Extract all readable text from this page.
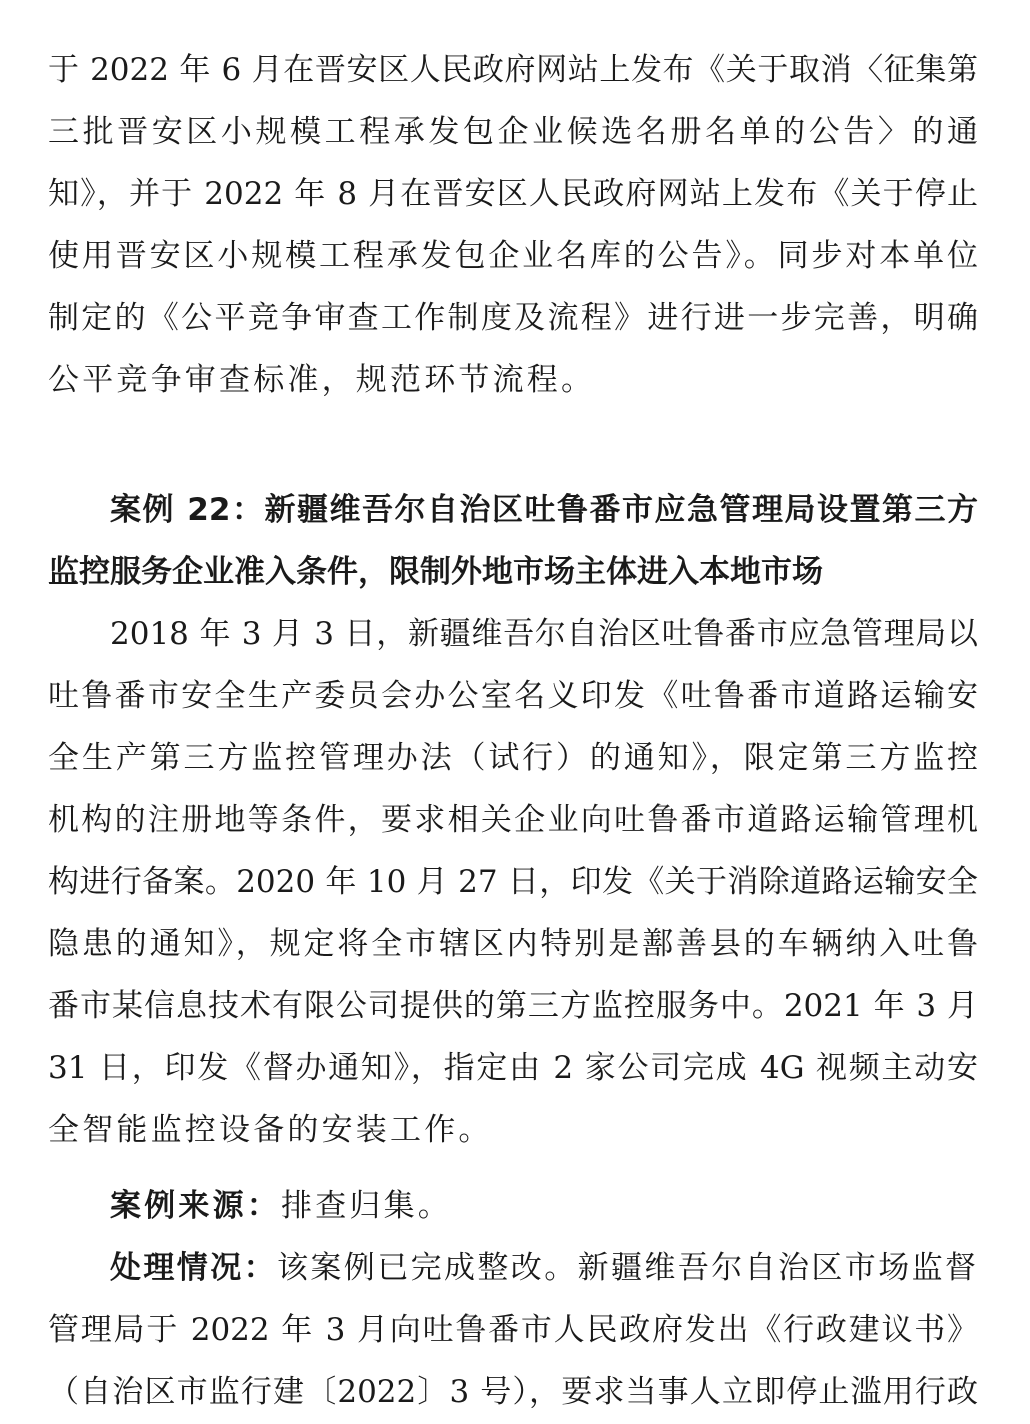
于 2022 年 6 月在晋安区人民政府网站上发布《关于取消〈征集第
三批晋安区小规模工程承发包企业候选名册名单的公告〉的通
知》，并于 2022 年 8 月在晋安区人民政府网站上发布《关于停止
使用晋安区小规模工程承发包企业名库的公告》。同步对本单位
制定的《公平竞争审查工作制度及流程》进行进一步完善，明确
公平竞争审查标准，规范环节流程。
案例 22：新疆维吾尔自治区吐鲁番市应急管理局设置第三方
监控服务企业准入条件，限制外地市场主体进入本地市场
2018 年 3 月 3 日，新疆维吾尔自治区吐鲁番市应急管理局以
吐鲁番市安全生产委员会办公室名义印发《吐鲁番市道路运输安
全生产第三方监控管理办法（试行）的通知》，限定第三方监控
机构的注册地等条件，要求相关企业向吐鲁番市道路运输管理机
构进行备案。2020 年 10 月 27 日，印发《关于消除道路运输安全
隐患的通知》，规定将全市辖区内特别是鄯善县的车辆纳入吐鲁
番市某信息技术有限公司提供的第三方监控服务中。2021 年 3 月
31 日，印发《督办通知》，指定由 2 家公司完成 4G 视频主动安
全智能监控设备的安装工作。
案例来源：排查归集。
处理情况：该案例已完成整改。新疆维吾尔自治区市场监督
管理局于 2022 年 3 月向吐鲁番市人民政府发出《行政建议书》
（自治区市监行建〔2022〕3 号），要求当事人立即停止滥用行政
